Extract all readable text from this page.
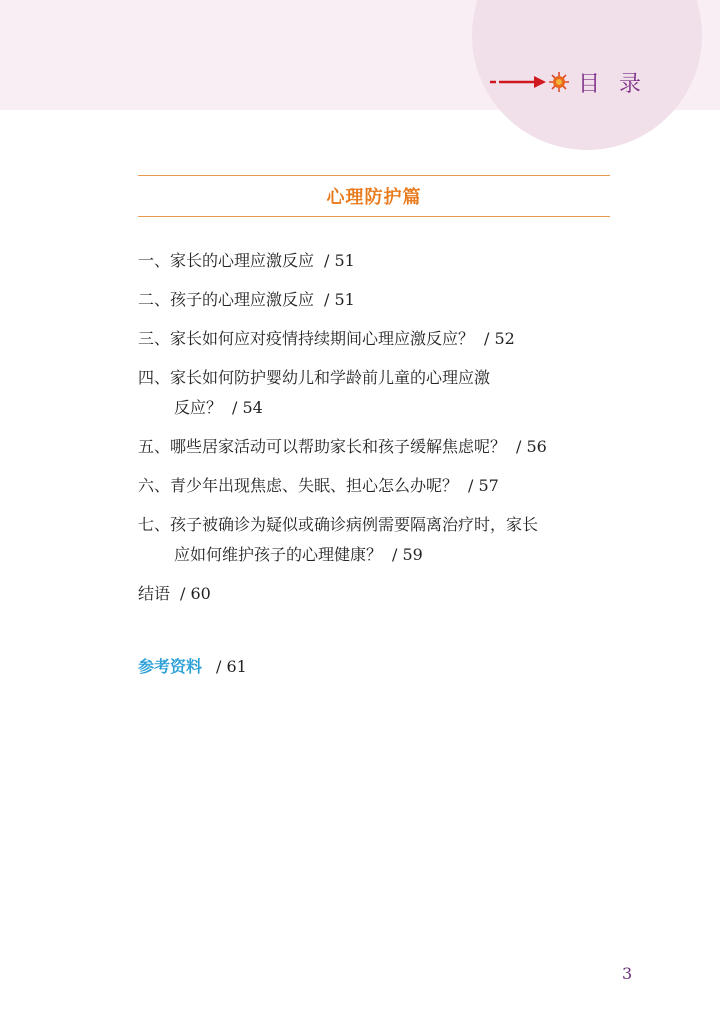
目 录
心理防护篇
一、家长的心理应激反应 / 51
二、孩子的心理应激反应 / 51
三、家长如何应对疫情持续期间心理应激反应？ / 52
四、家长如何防护婴幼儿和学龄前儿童的心理应激
反应？ / 54
五、哪些居家活动可以帮助家长和孩子缓解焦虑呢？ / 56
六、青少年出现焦虑、失眠、担心怎么办呢？ / 57
七、孩子被确诊为疑似或确诊病例需要隔离治疗时，家长
应如何维护孩子的心理健康？ / 59
结语 / 60
参考资料 / 61
3
